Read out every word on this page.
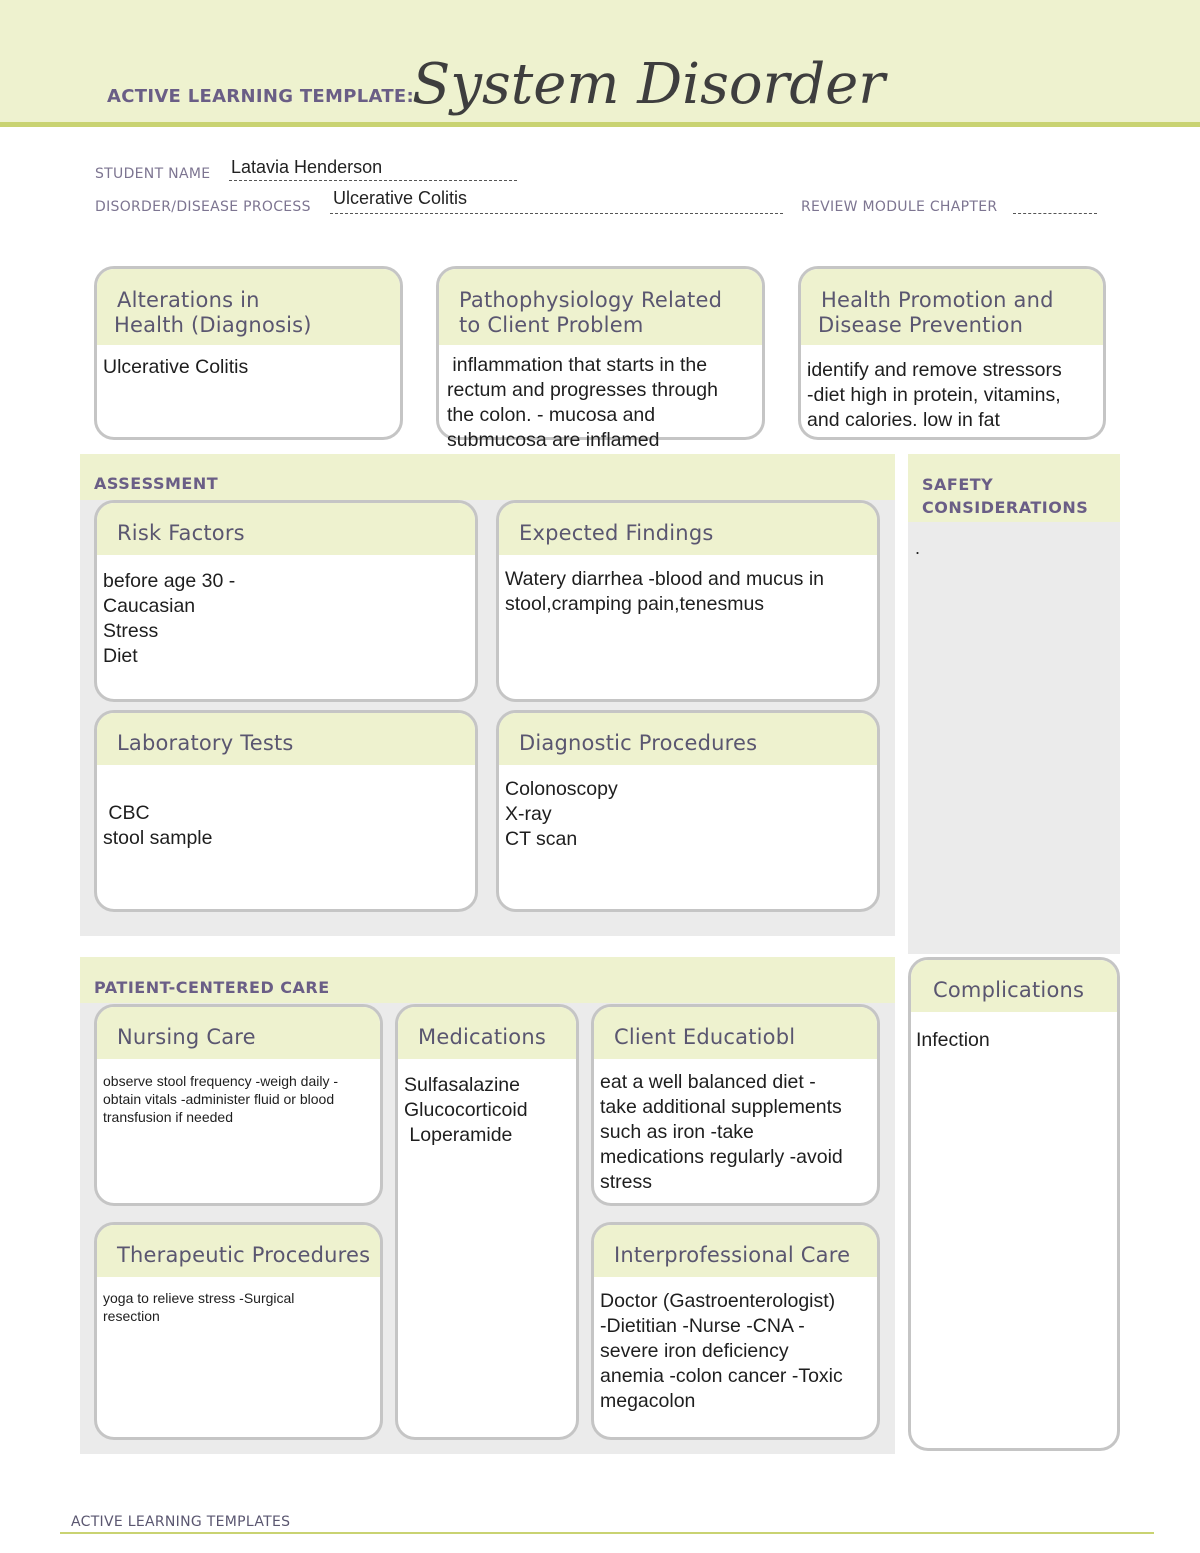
ACTIVE LEARNING TEMPLATE:
System Disorder
STUDENT NAME Latavia Henderson
DISORDER/DISEASE PROCESS Ulcerative Colitis	REVIEW MODULE CHAPTER
Alterations in
Health (Diagnosis)
Ulcerative Colitis
Pathophysiology Related
to Client Problem
inflammation that starts in the
rectum and progresses through
the colon. - mucosa and
submucosa are inflamed
Health Promotion and
Disease Prevention
identify and remove stressors
-diet high in protein, vitamins,
and calories. low in fat
ASSESSMENT
Risk Factors
before age 30 -
Caucasian
Stress
Diet
Expected Findings
Watery diarrhea -blood and mucus in
stool,cramping pain,tenesmus
Laboratory Tests
CBC
stool sample
Diagnostic Procedures
Colonoscopy
X-ray
CT scan
SAFETY
CONSIDERATIONS
.
PATIENT-CENTERED CARE
Nursing Care
observe stool frequency -weigh daily -
obtain vitals -administer fluid or blood
transfusion if needed
Medications
Sulfasalazine
Glucocorticoid
Loperamide
Client Educatiobl
eat a well balanced diet -
take additional supplements
such as iron -take
medications regularly -avoid
stress
Therapeutic Procedures
yoga to relieve stress -Surgical
resection
Interprofessional Care
Doctor (Gastroenterologist)
-Dietitian -Nurse -CNA -
severe iron deficiency
anemia -colon cancer -Toxic
megacolon
Complications
Infection
ACTIVE LEARNING TEMPLATES
